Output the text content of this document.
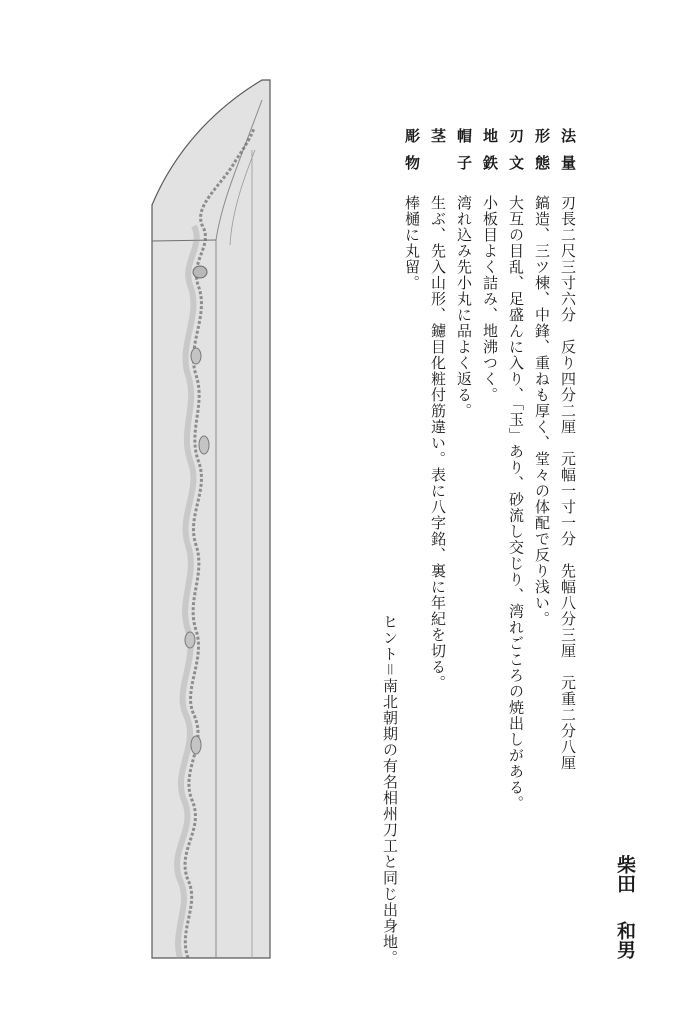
法量
刃長二尺三寸六分　反り四分二厘　元幅一寸一分　先幅八分三厘　元重二分八厘
形態
鎬造、三ツ棟、中鋒、重ねも厚く、堂々の体配で反り浅い。
刃文
大互の目乱、足盛んに入り、「玉」あり、砂流し交じり、湾れごころの焼出しがある。
地鉄
小板目よく詰み、地沸つく。
帽子
湾れ込み先小丸に品よく返る。
茎
生ぶ、先入山形、鑢目化粧付筋違い。表に八字銘、裏に年紀を切る。
彫物
棒樋に丸留。
ヒント＝南北朝期の有名相州刀工と同じ出身地。	柴田和男
